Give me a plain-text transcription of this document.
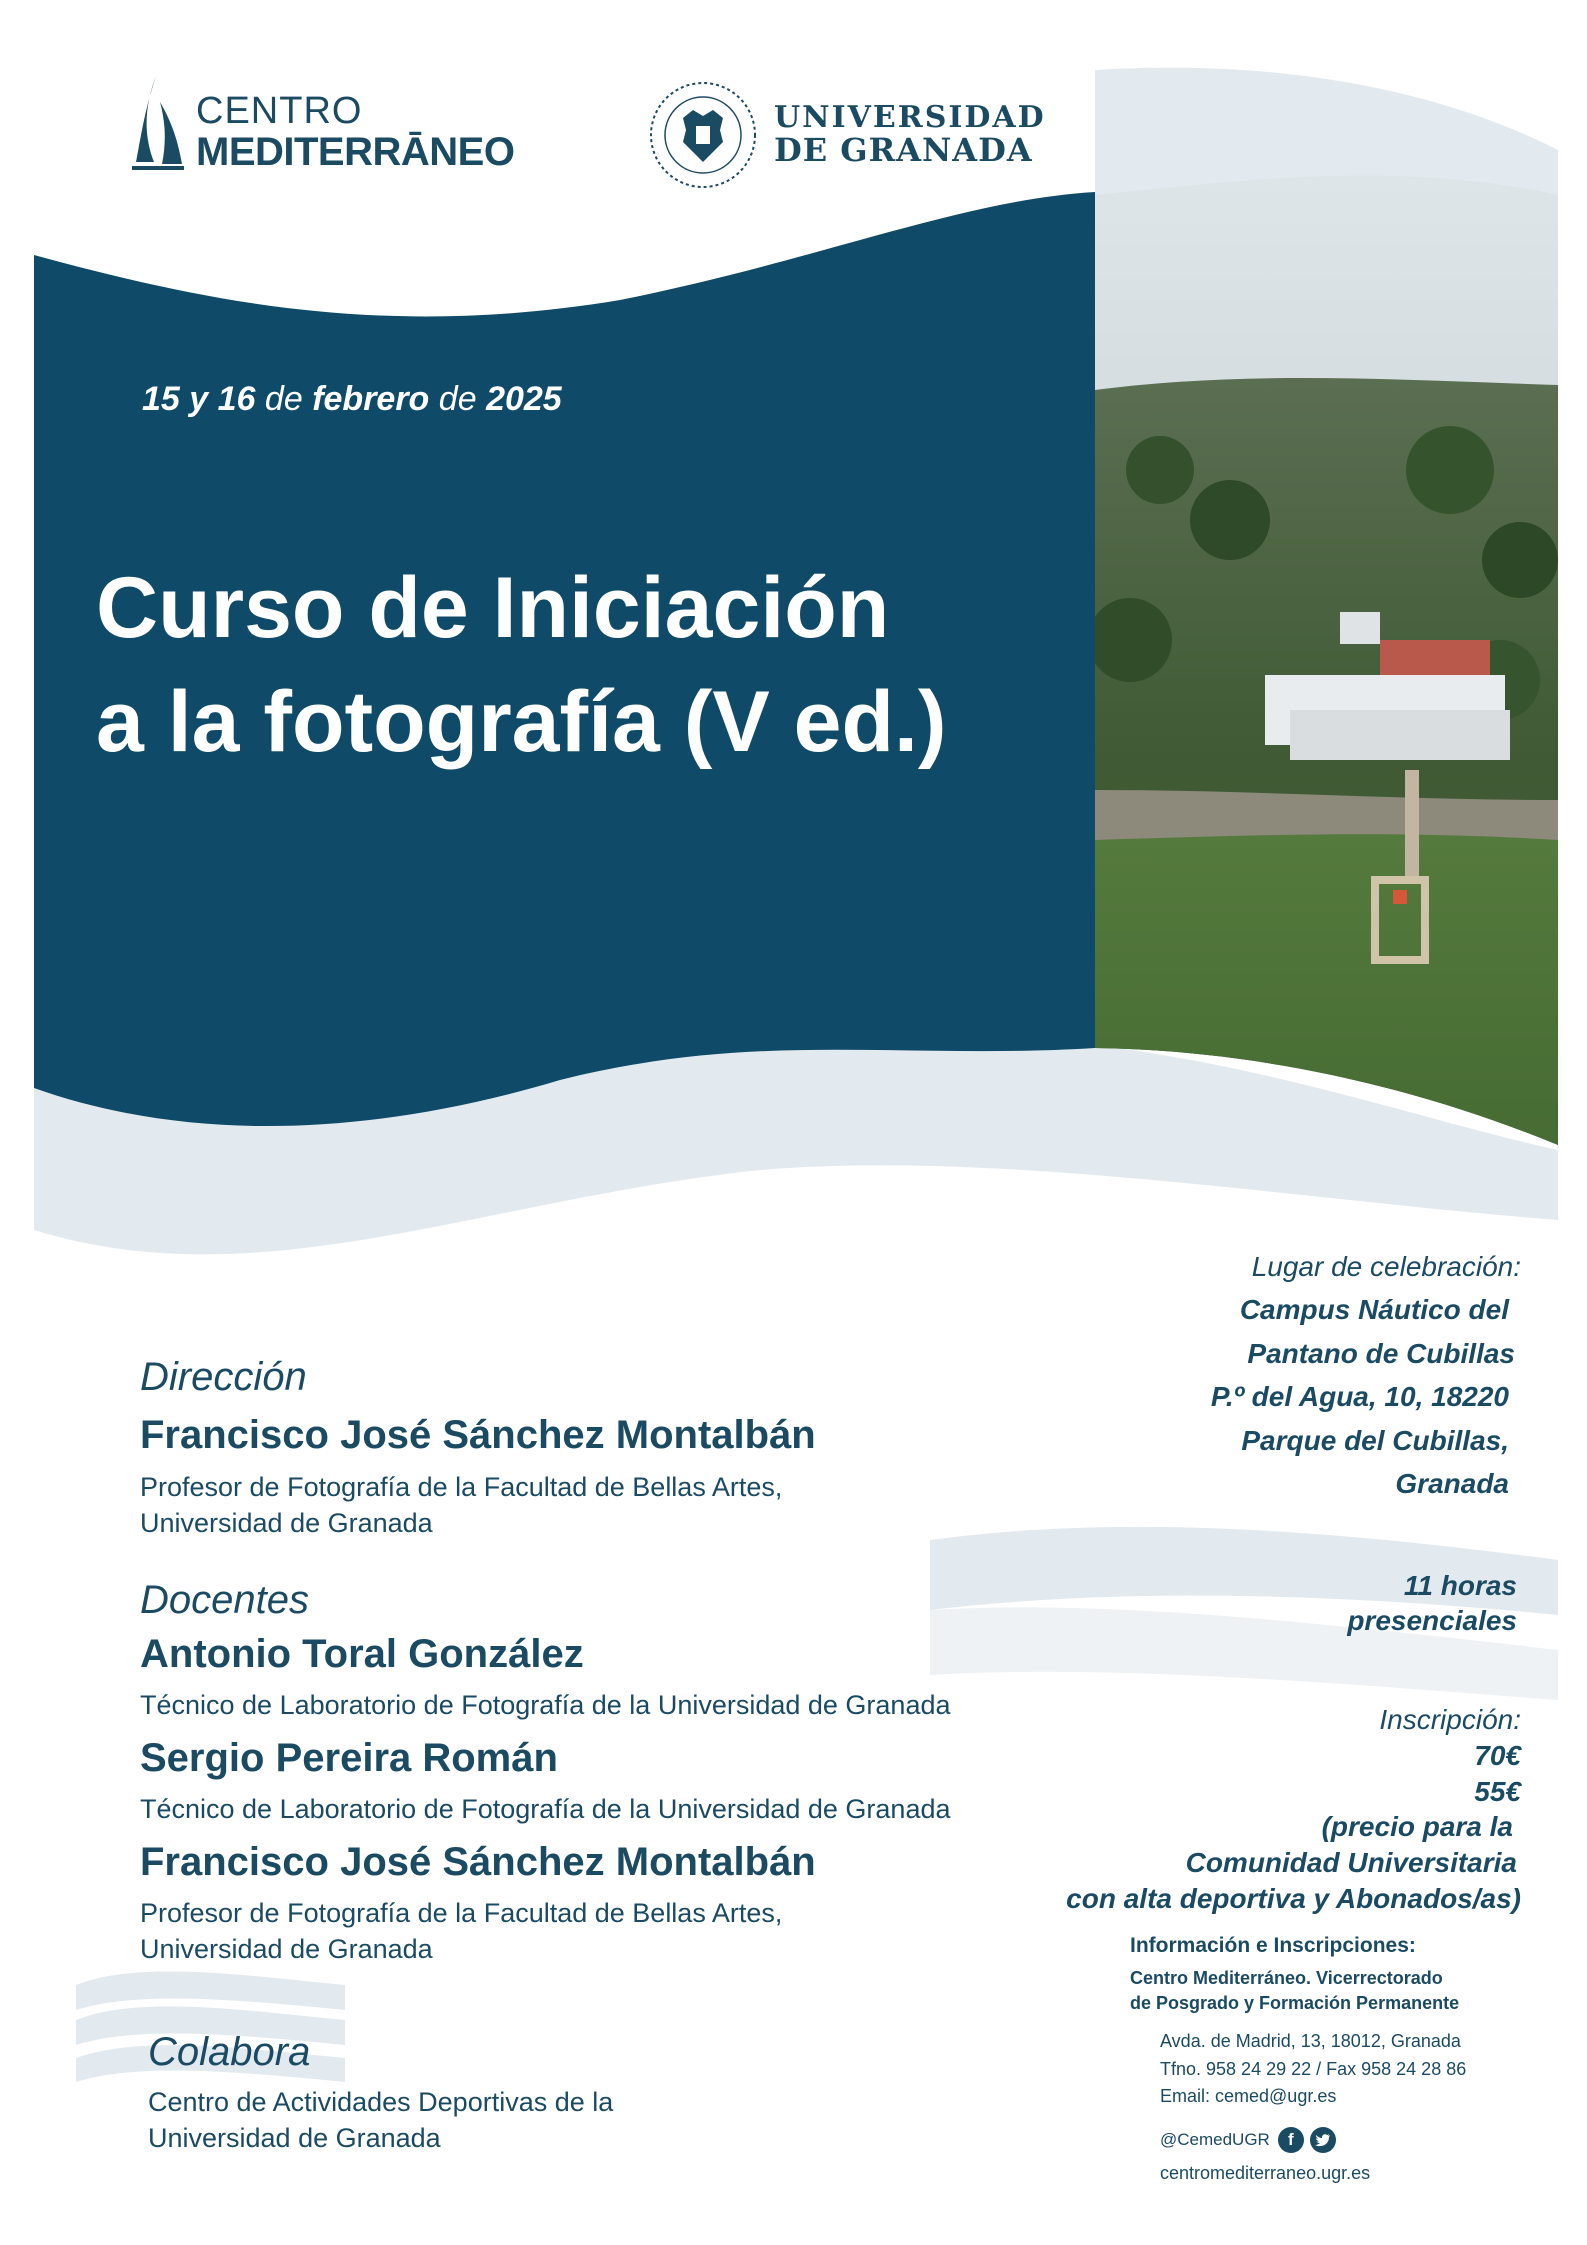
CENTRO
MEDITERRĀNEO
UNIVERSIDAD
DE GRANADA
15 y 16 de febrero de 2025
Curso de Iniciación
a la fotografía (V ed.)
Dirección
Francisco José Sánchez Montalbán
Profesor de Fotografía de la Facultad de Bellas Artes,
Universidad de Granada
Docentes
Antonio Toral González
Técnico de Laboratorio de Fotografía de la Universidad de Granada
Sergio Pereira Román
Técnico de Laboratorio de Fotografía de la Universidad de Granada
Francisco José Sánchez Montalbán
Profesor de Fotografía de la Facultad de Bellas Artes,
Universidad de Granada
Colabora
Centro de Actividades Deportivas de la
Universidad de Granada
Lugar de celebración:
Campus Náutico del
Pantano de Cubillas
P.º del Agua, 10, 18220
Parque del Cubillas,
Granada
11 horas
presenciales
Inscripción:
70€
55€
(precio para la
Comunidad Universitaria
con alta deportiva y Abonados/as)
Información e Inscripciones:
Centro Mediterráneo. Vicerrectorado
de Posgrado y Formación Permanente
Avda. de Madrid, 13, 18012, Granada
Tfno. 958 24 29 22 / Fax 958 24 28 86
Email: cemed@ugr.es
@CemedUGR	f
centromediterraneo.ugr.es
